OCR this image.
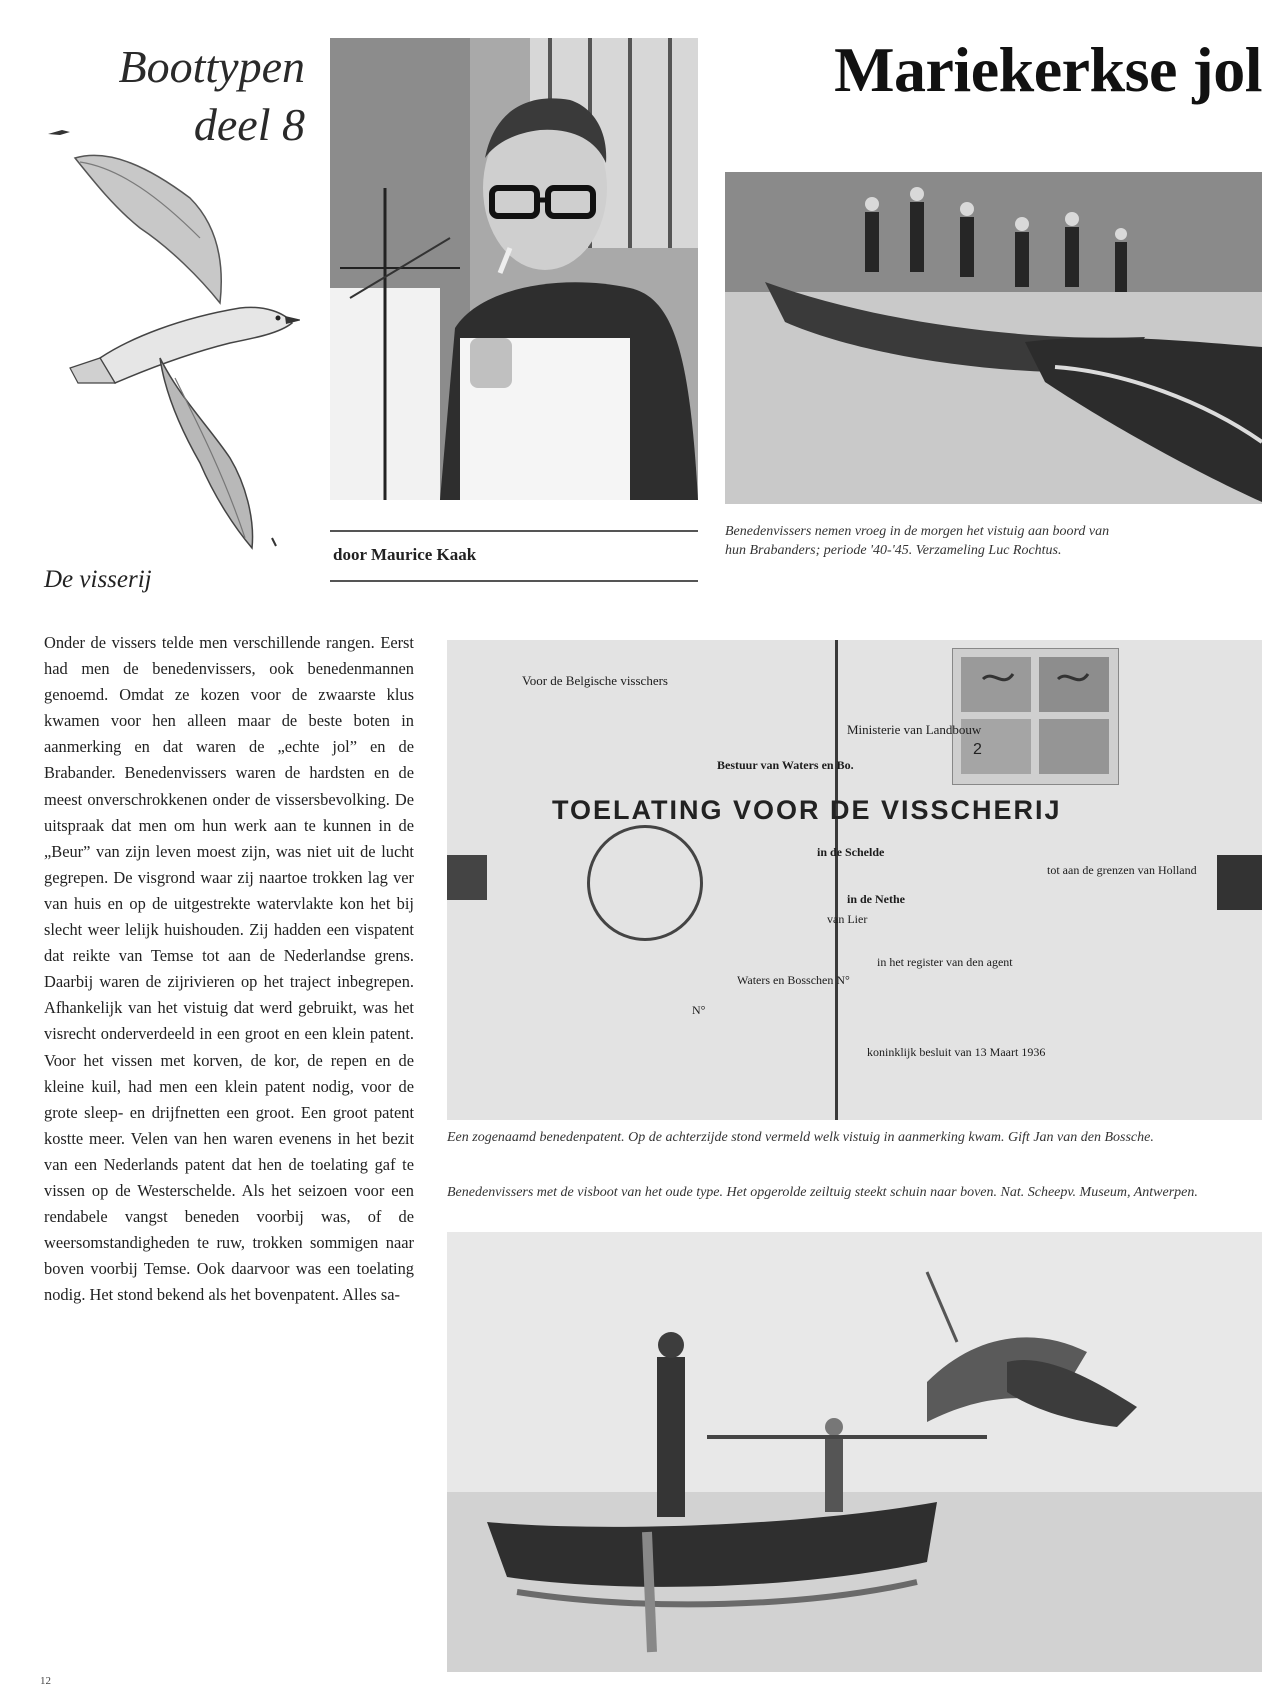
Boottypen
deel 8
De visserij
door Maurice Kaak
Mariekerkse jol
Benedenvissers nemen vroeg in de morgen het vistuig aan boord van hun Brabanders; periode '40-'45. Verzameling Luc Rochtus.
2
Voor de Belgische visschers
Ministerie van Landbouw
Bestuur van Waters en Bo.
TOELATING VOOR DE VISSCHERIJ
in de Schelde
tot aan de grenzen van Holland
in de Nethe
van Lier
in het register van den agent
Waters en Bosschen N°
N°
koninklijk besluit van 13 Maart 1936
Een zogenaamd benedenpatent. Op de achterzijde stond vermeld welk vistuig in aanmerking kwam. Gift Jan van den Bossche.
Benedenvissers met de visboot van het oude type. Het opgerolde zeiltuig steekt schuin naar boven. Nat. Scheepv. Museum, Antwerpen.
Onder de vissers telde men verschillende rangen. Eerst had men de benedenvissers, ook benedenmannen genoemd. Omdat ze kozen voor de zwaarste klus kwamen voor hen alleen maar de beste boten in aanmerking en dat waren de „echte jol” en de Brabander. Benedenvissers waren de hardsten en de meest onverschrokkenen onder de vissersbevolking. De uitspraak dat men om hun werk aan te kunnen in de „Beur” van zijn leven moest zijn, was niet uit de lucht gegrepen. De visgrond waar zij naartoe trokken lag ver van huis en op de uitgestrekte watervlakte kon het bij slecht weer lelijk huishouden. Zij hadden een vispatent dat reikte van Temse tot aan de Nederlandse grens. Daarbij waren de zijrivieren op het traject inbegrepen. Afhankelijk van het vistuig dat werd gebruikt, was het visrecht onderverdeeld in een groot en een klein patent. Voor het vissen met korven, de kor, de repen en de kleine kuil, had men een klein patent nodig, voor de grote sleep- en drijfnetten een groot. Een groot patent kostte meer. Velen van hen waren evenens in het bezit van een Nederlands patent dat hen de toelating gaf te vissen op de Westerschelde. Als het seizoen voor een rendabele vangst beneden voorbij was, of de weersomstandigheden te ruw, trokken sommigen naar boven voorbij Temse. Ook daarvoor was een toelating nodig. Het stond bekend als het bovenpatent. Alles sa-
12
